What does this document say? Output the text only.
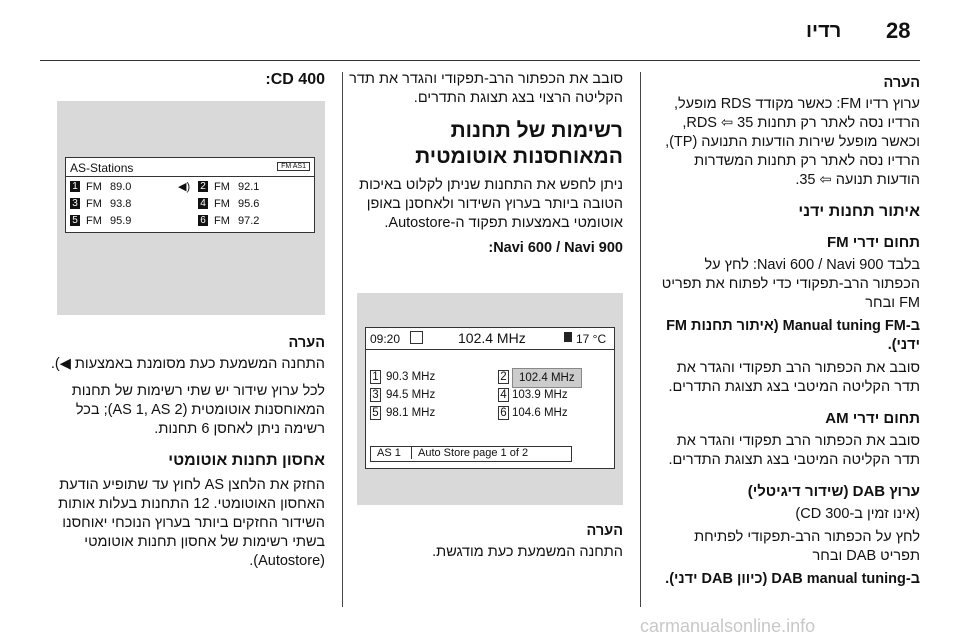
28
רדיו

הערה

ערוץ רדיו FM: כאשר מקודד RDS מופעל, הרדיו נסה לאתר רק תחנות RDS ⇦ 35, וכאשר מופעל שירות הודעות התנועה (TP), הרדיו נסה לאתר רק תחנות המשדרות הודעות תנועה ⇦ 35.

איתור תחנות ידני

תחום ידרי FM

בלבד Navi 600 / Navi 900: לחץ על הכפתור הרב-תפקודי כדי לפתוח את תפריט FM ובחר

ב-Manual tuning FM (איתור תחנות FM ידני).

סובב את הכפתור הרב תפקודי והגדר את תדר הקליטה המיטבי בצג תצוגת התדרים.

תחום ידרי AM

סובב את הכפתור הרב תפקודי והגדר את תדר הקליטה המיטבי בצג תצוגת התדרים.

ערוץ DAB (שידור דיגיטלי)

(אינו זמין ב-CD 300)

לחץ על הכפתור הרב-תפקודי לפתיחת תפריט DAB ובחר

ב-DAB manual tuning (כיוון DAB ידני).

סובב את הכפתור הרב-תפקודי והגדר את תדר הקליטה הרצוי בצג תצוגת התדרים.

רשימות של תחנות המאוחסנות אוטומטית

ניתן לחפש את התחנות שניתן לקלוט באיכות הטובה ביותר בערוץ השידור ולאחסנן באופן אוטומטי באמצעות תפקוד ה-Autostore.

Navi 600 / Navi 900:

09:20	102.4 MHz	17 °C
1 90.3 MHz	2	102.4 MHz
3 94.5 MHz	4 103.9 MHz
5 98.1 MHz	6 104.6 MHz
AS 1	Auto Store page 1 of 2

הערה

התחנה המשמעת כעת מודגשת.

CD 400:

AS-Stations	FM AS1
1 FM 89.0	◀) 2 FM 92.1
3 FM 93.8	4 FM 95.6
5 FM 95.9	6 FM 97.2

הערה

התחנה המשמעת כעת מסומנת באמצעות ◀).

לכל ערוץ שידור יש שתי רשימות של תחנות המאוחסנות אוטומטית (AS 1, AS 2); בכל רשימה ניתן לאחסן 6 תחנות.

אחסון תחנות אוטומטי

החזק את הלחצן AS לחוץ עד שתופיע הודעת האחסון האוטומטי. 12 התחנות בעלות אותות השידור החזקים ביותר בערוץ הנוכחי יאוחסנו בשתי רשימות של אחסון תחנות אוטומטי (Autostore).

carmanualsonline.info
